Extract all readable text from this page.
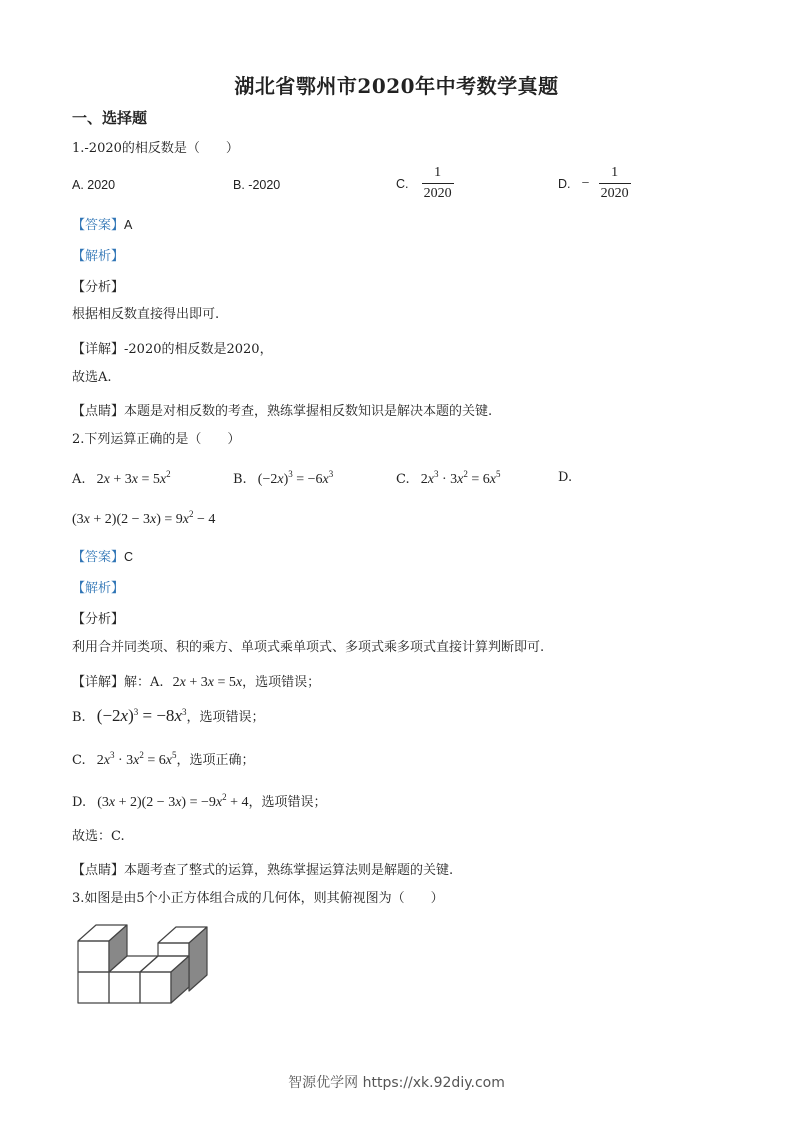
湖北省鄂州市2020年中考数学真题
一、选择题
1.-2020的相反数是（　　）
A. 2020	B. -2020	C. $\frac{1}{2020}$	D. − $\frac{1}{2020}$
【答案】A
【解析】
【分析】
根据相反数直接得出即可.
【详解】-2020的相反数是2020，
故选A.
【点睛】本题是对相反数的考查，熟练掌握相反数知识是解决本题的关键.
2.下列运算正确的是（　　）
A. $2x + 3x = 5x^2$	B. $(-2x)^3 = -6x^3$	C. $2x^3 \cdot 3x^2 = 6x^5$	D.
$(3x + 2)(2 - 3x) = 9x^2 - 4$
【答案】C
【解析】
【分析】
利用合并同类项、积的乘方、单项式乘单项式、多项式乘多项式直接计算判断即可.
【详解】解：A. 2x + 3x = 5x，选项错误；
B. $(-2x)^3 = -8x^3$，选项错误；
C. $2x^3 \cdot 3x^2 = 6x^5$，选项正确；
D. $(3x + 2)(2 - 3x) = -9x^2 + 4$，选项错误；
故选：C.
【点睛】本题考查了整式的运算，熟练掌握运算法则是解题的关键.
3.如图是由5个小正方体组合成的几何体，则其俯视图为（　　）
智源优学网 https://xk.92diy.com
